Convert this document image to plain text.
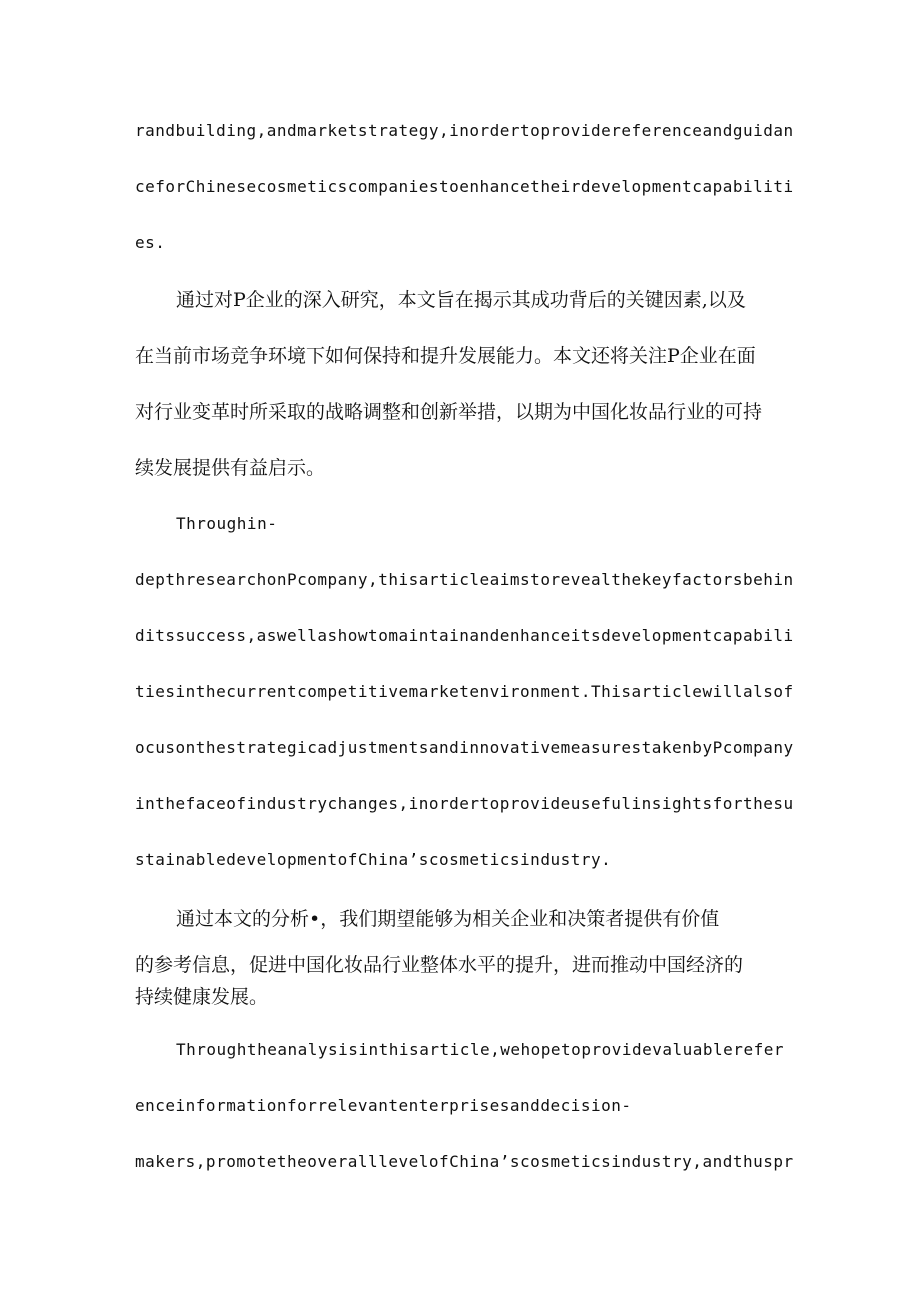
randbuilding,andmarketstrategy,inordertoprovidereferenceandguidan
ceforChinesecosmeticscompaniestoenhancetheirdevelopmentcapabiliti
es.
通过对P企业的深入研究，本文旨在揭示其成功背后的关键因素,以及
在当前市场竞争环境下如何保持和提升发展能力。本文还将关注P企业在面
对行业变革时所采取的战略调整和创新举措，以期为中国化妆品行业的可持
续发展提供有益启示。
Throughin-
depthresearchonPcompany,thisarticleaimstorevealthekeyfactorsbehin
ditssuccess,aswellashowtomaintainandenhanceitsdevelopmentcapabili
tiesinthecurrentcompetitivemarketenvironment.Thisarticlewillalsof
ocusonthestrategicadjustmentsandinnovativemeasurestakenbyPcompany
inthefaceofindustrychanges,inordertoprovideusefulinsightsforthesu
stainabledevelopmentofChina’scosmeticsindustry.
通过本文的分析•，我们期望能够为相关企业和决策者提供有价值
的参考信息，促进中国化妆品行业整体水平的提升，进而推动中国经济的
持续健康发展。
Throughtheanalysisinthisarticle,wehopetoprovidevaluablerefer
enceinformationforrelevantenterprisesanddecision-
makers,promotetheoveralllevelofChina’scosmeticsindustry,andthuspr
